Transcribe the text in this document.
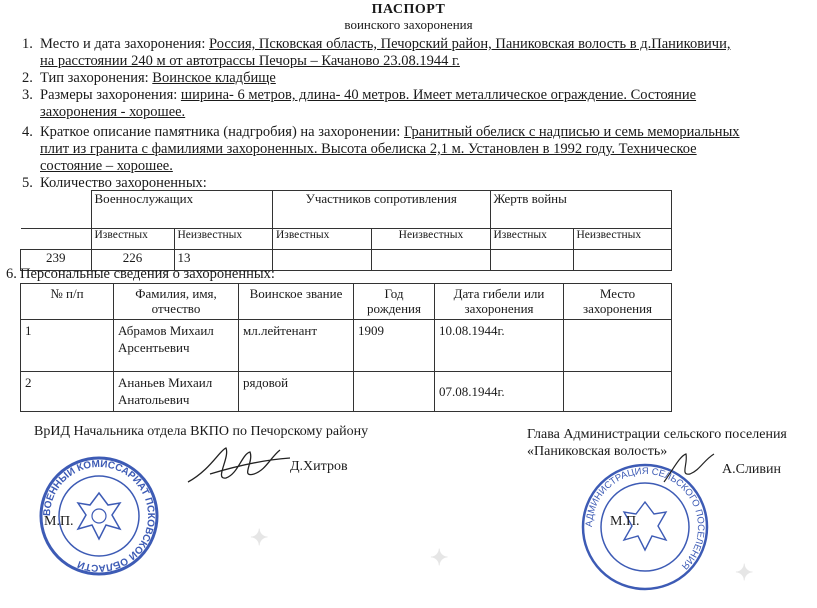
✦
✦
✦
ПАСПОРТ
воинского захоронения
1. Место и дата захоронения: Россия, Псковская область, Печорский район, Паниковская волость в д.Паниковичи,
на расстоянии 240 м от автотрассы Печоры – Качаново 23.08.1944 г.
2. Тип захоронения: Воинское кладбище
3. Размеры захоронения: ширина- 6 метров, длина- 40 метров. Имеет металлическое ограждение. Состояние
захоронения - хорошее.
4. Краткое описание памятника (надгробия) на захоронении: Гранитный обелиск с надписью и семь мемориальных
плит из гранита с фамилиями захороненных. Высота обелиска 2,1 м. Установлен в 1992 году. Техническое
состояние – хорошее.
5. Количество захороненных:
	Военнослужащих		Участников сопротивления		Жертв войны	
	Известных	Неизвестных	Известных	Неизвестных	Известных	Неизвестных
239	226	13				
6. Персональные сведения о захороненных:
№ п/п	Фамилия, имя, отчество	Воинское звание	Год рождения	Дата гибели или захоронения	Место захоронения
1	Абрамов Михаил Арсентьевич	мл.лейтенант	1909	10.08.1944г.	
2	Ананьев Михаил Анатольевич	рядовой		07.08.1944г.	
ВрИД Начальника отдела ВКПО по Печорскому району
Д.Хитров
ВОЕННЫЙ КОМИССАРИАТ ПСКОВСКОЙ ОБЛАСТИ
М.П.
Глава Администрации сельского поселения
«Паниковская волость»
А.Сливин
АДМИНИСТРАЦИЯ СЕЛЬСКОГО ПОСЕЛЕНИЯ
М.П.
